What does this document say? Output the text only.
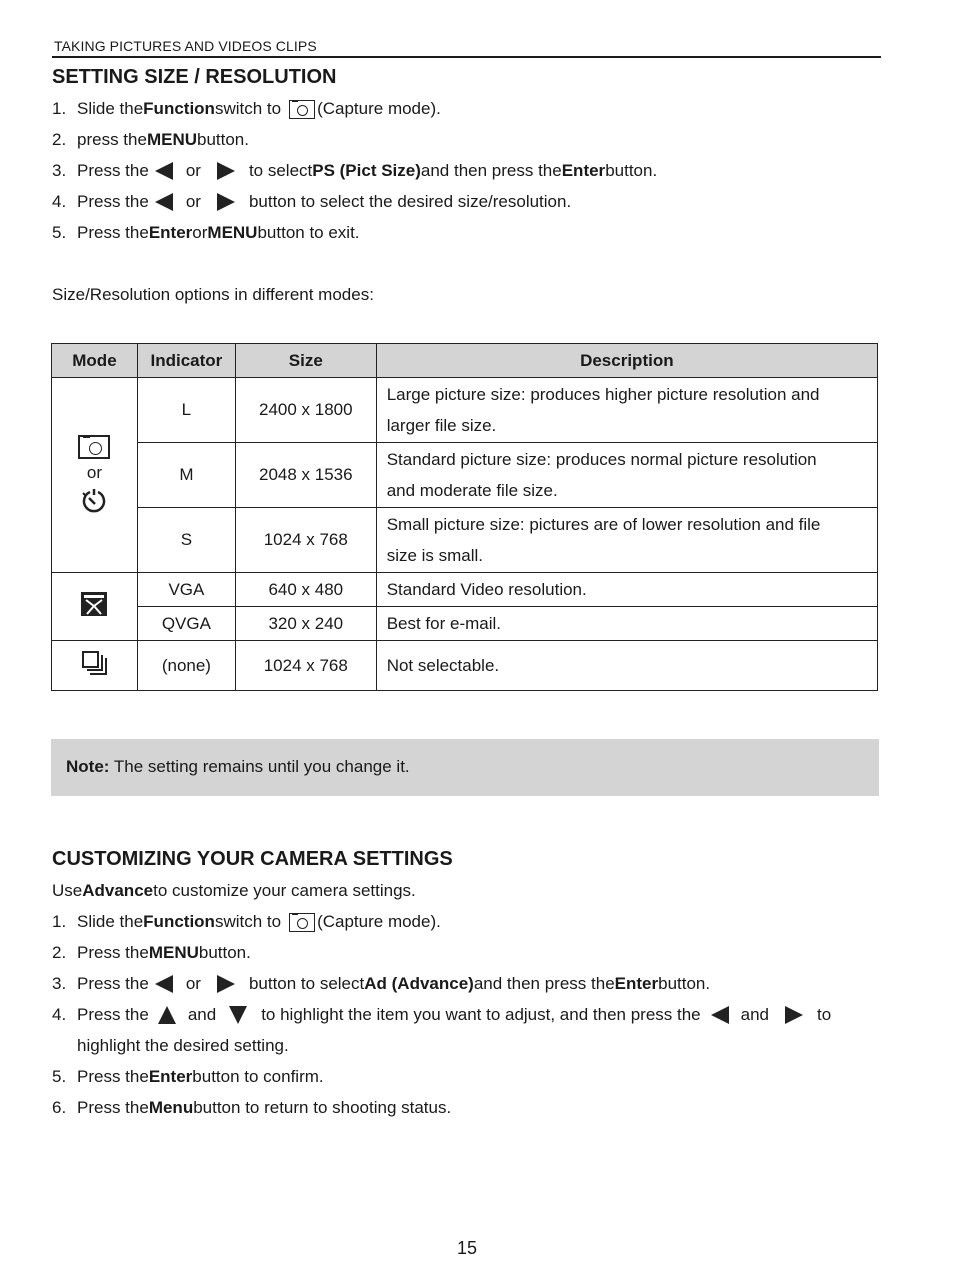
TAKING PICTURES AND VIDEOS CLIPS
SETTING SIZE / RESOLUTION
1. Slide the Function switch to (Capture mode).
2. press the MENU button.
3. Press the or	to select PS (Pict Size) and then press the Enter button.
4. Press the or	button to select the desired size/resolution.
5. Press the Enter or MENU button to exit.
Size/Resolution options in different modes:
Mode	Indicator	Size	Description

or	L	2400 x 1800	Large picture size: produces higher picture resolution and
larger file size.
	M	2048 x 1536	Standard picture size: produces normal picture resolution
and moderate file size.
	S	1024 x 768	Small picture size: pictures are of lower resolution and file
size is small.
	VGA	640 x 480	Standard Video resolution.
	QVGA	320 x 240	Best for e-mail.
	(none)	1024 x 768	Not selectable.
Note: The setting remains until you change it.
CUSTOMIZING YOUR CAMERA SETTINGS
Use Advance to customize your camera settings.
1. Slide the Function switch to (Capture mode).
2. Press the MENU button.
3. Press the or	button to select Ad (Advance) and then press the Enter button.
4. Press the and	to highlight the item you want to adjust, and then press the and	to
highlight the desired setting.
5. Press the Enter button to confirm.
6. Press the Menu button to return to shooting status.
15
